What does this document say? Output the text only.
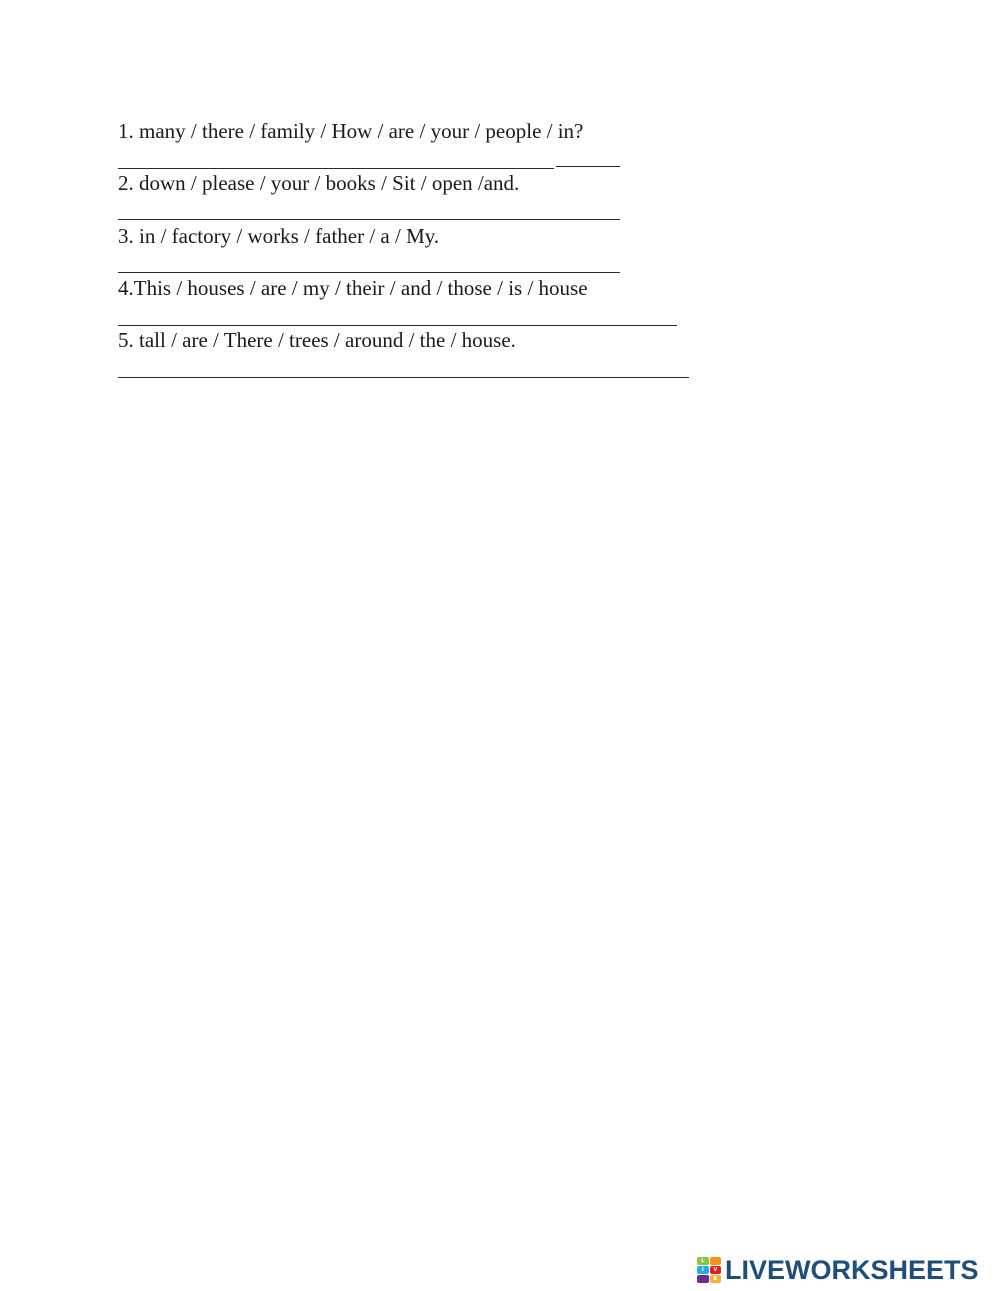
1. many / there / family / How / are / your / people / in?
2. down / please / your / books / Sit / open /and.
3. in / factory / works / father / a / My.
4.This / houses / are / my / their / and / those / is / house
5. tall / are / There / trees / around / the / house.
L
I	V
E LIVEWORKSHEETS
